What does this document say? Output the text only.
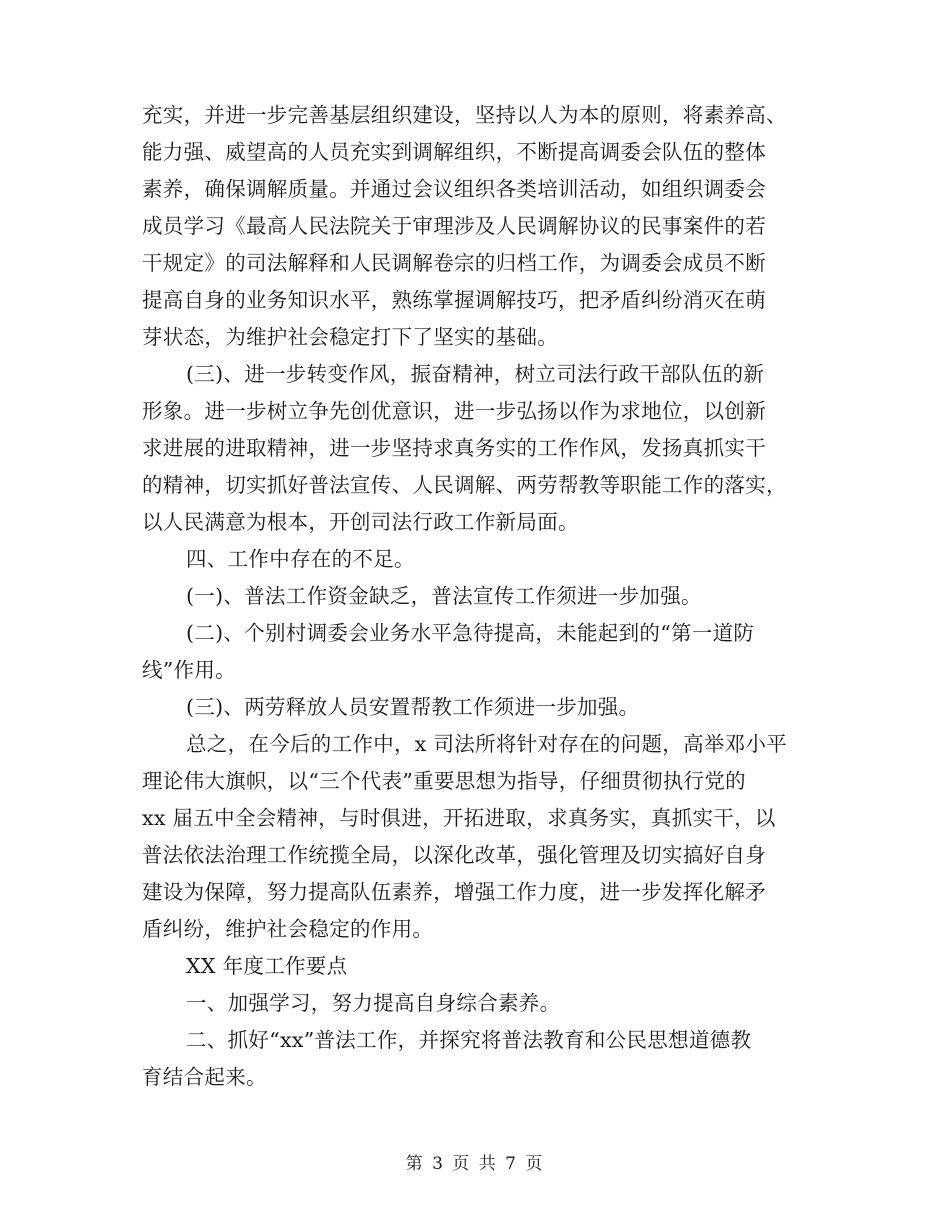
充实，并进一步完善基层组织建设，坚持以人为本的原则，将素养高、
能力强、威望高的人员充实到调解组织，不断提高调委会队伍的整体
素养，确保调解质量。并通过会议组织各类培训活动，如组织调委会
成员学习《最高人民法院关于审理涉及人民调解协议的民事案件的若
干规定》的司法解释和人民调解卷宗的归档工作，为调委会成员不断
提高自身的业务知识水平，熟练掌握调解技巧，把矛盾纠纷消灭在萌
芽状态，为维护社会稳定打下了坚实的基础。
(三)、进一步转变作风，振奋精神，树立司法行政干部队伍的新
形象。进一步树立争先创优意识，进一步弘扬以作为求地位，以创新
求进展的进取精神，进一步坚持求真务实的工作作风，发扬真抓实干
的精神，切实抓好普法宣传、人民调解、两劳帮教等职能工作的落实，
以人民满意为根本，开创司法行政工作新局面。
四、工作中存在的不足。
(一)、普法工作资金缺乏，普法宣传工作须进一步加强。
(二)、个别村调委会业务水平急待提高，未能起到的“第一道防
线”作用。
(三)、两劳释放人员安置帮教工作须进一步加强。
总之，在今后的工作中，x 司法所将针对存在的问题，高举邓小平
理论伟大旗帜，以“三个代表”重要思想为指导，仔细贯彻执行党的
xx 届五中全会精神，与时俱进，开拓进取，求真务实，真抓实干，以
普法依法治理工作统揽全局，以深化改革，强化管理及切实搞好自身
建设为保障，努力提高队伍素养，增强工作力度，进一步发挥化解矛
盾纠纷，维护社会稳定的作用。
XX 年度工作要点
一、加强学习，努力提高自身综合素养。
二、抓好“xx”普法工作，并探究将普法教育和公民思想道德教
育结合起来。
第 3 页 共 7 页
